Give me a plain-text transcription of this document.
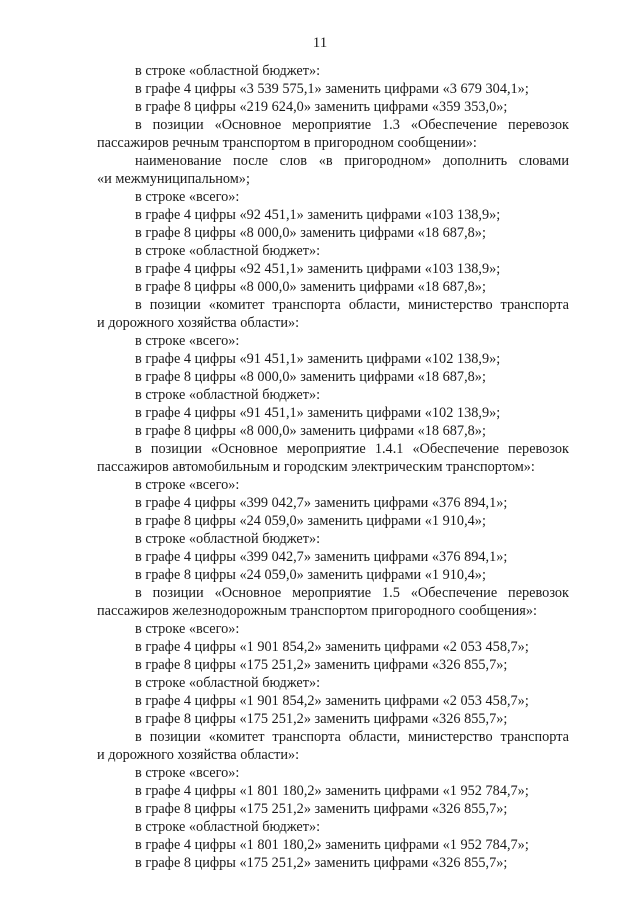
11
в строке «областной бюджет»:
в графе 4 цифры «3 539 575,1» заменить цифрами «3 679 304,1»;
в графе 8 цифры «219 624,0» заменить цифрами «359 353,0»;
в позиции «Основное мероприятие 1.3 «Обеспечение перевозок
пассажиров речным транспортом в пригородном сообщении»:
наименование после слов «в пригородном» дополнить словами
«и межмуниципальном»;
в строке «всего»:
в графе 4 цифры «92 451,1» заменить цифрами «103 138,9»;
в графе 8 цифры «8 000,0» заменить цифрами «18 687,8»;
в строке «областной бюджет»:
в графе 4 цифры «92 451,1» заменить цифрами «103 138,9»;
в графе 8 цифры «8 000,0» заменить цифрами «18 687,8»;
в позиции «комитет транспорта области, министерство транспорта
и дорожного хозяйства области»:
в строке «всего»:
в графе 4 цифры «91 451,1» заменить цифрами «102 138,9»;
в графе 8 цифры «8 000,0» заменить цифрами «18 687,8»;
в строке «областной бюджет»:
в графе 4 цифры «91 451,1» заменить цифрами «102 138,9»;
в графе 8 цифры «8 000,0» заменить цифрами «18 687,8»;
в позиции «Основное мероприятие 1.4.1 «Обеспечение перевозок
пассажиров автомобильным и городским электрическим транспортом»:
в строке «всего»:
в графе 4 цифры «399 042,7» заменить цифрами «376 894,1»;
в графе 8 цифры «24 059,0» заменить цифрами «1 910,4»;
в строке «областной бюджет»:
в графе 4 цифры «399 042,7» заменить цифрами «376 894,1»;
в графе 8 цифры «24 059,0» заменить цифрами «1 910,4»;
в позиции «Основное мероприятие 1.5 «Обеспечение перевозок
пассажиров железнодорожным транспортом пригородного сообщения»:
в строке «всего»:
в графе 4 цифры «1 901 854,2» заменить цифрами «2 053 458,7»;
в графе 8 цифры «175 251,2» заменить цифрами «326 855,7»;
в строке «областной бюджет»:
в графе 4 цифры «1 901 854,2» заменить цифрами «2 053 458,7»;
в графе 8 цифры «175 251,2» заменить цифрами «326 855,7»;
в позиции «комитет транспорта области, министерство транспорта
и дорожного хозяйства области»:
в строке «всего»:
в графе 4 цифры «1 801 180,2» заменить цифрами «1 952 784,7»;
в графе 8 цифры «175 251,2» заменить цифрами «326 855,7»;
в строке «областной бюджет»:
в графе 4 цифры «1 801 180,2» заменить цифрами «1 952 784,7»;
в графе 8 цифры «175 251,2» заменить цифрами «326 855,7»;
